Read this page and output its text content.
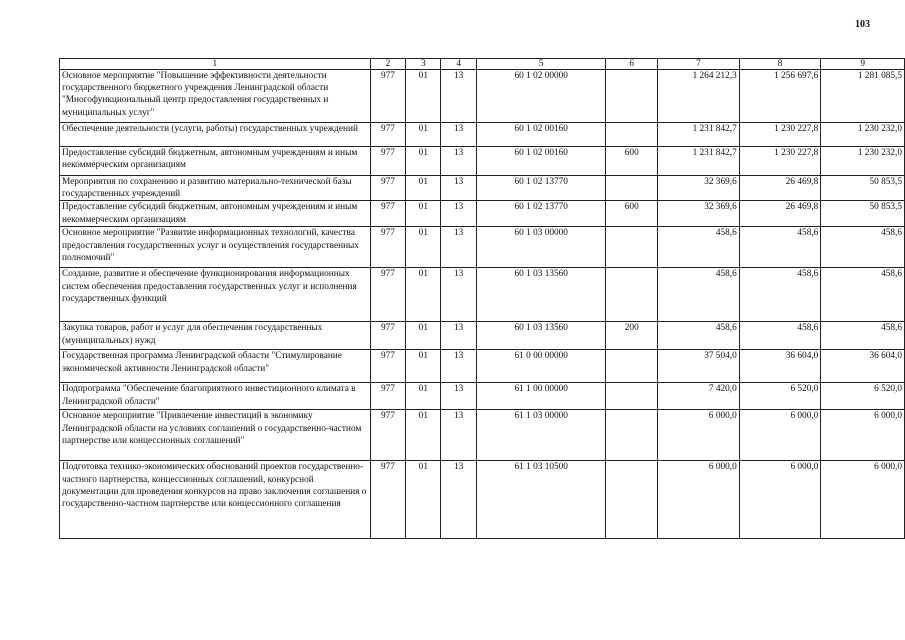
103
1	2	3	4	5	6	7	8	9
Основное мероприятие "Повышение эффективности деятельности государственного бюджетного учреждения Ленинградской области "Многофункциональный центр предоставления государственных и муниципальных услуг"	977	01	13	60 1 02 00000		1 264 212,3	1 256 697,6	1 281 085,5
Обеспечение деятельности (услуги, работы) государственных учреждений	977	01	13	60 1 02 00160		1 231 842,7	1 230 227,8	1 230 232,0
Предоставление субсидий бюджетным, автономным учреждениям и иным некоммерческим организациям	977	01	13	60 1 02 00160	600	1 231 842,7	1 230 227,8	1 230 232,0
Мероприятия по сохранению и развитию материально-технической базы государственных учреждений	977	01	13	60 1 02 13770		32 369,6	26 469,8	50 853,5
Предоставление субсидий бюджетным, автономным учреждениям и иным некоммерческим организациям	977	01	13	60 1 02 13770	600	32 369,6	26 469,8	50 853,5
Основное мероприятие "Развитие информационных технологий, качества предоставления государственных услуг и осуществления государственных полномочий"	977	01	13	60 1 03 00000		458,6	458,6	458,6
Создание, развитие и обеспечение функционирования информационных систем обеспечения предоставления государственных услуг и исполнения государственных функций	977	01	13	60 1 03 13560		458,6	458,6	458,6
Закупка товаров, работ и услуг для обеспечения государственных (муниципальных) нужд	977	01	13	60 1 03 13560	200	458,6	458,6	458,6
Государственная программа Ленинградской области "Стимулирование экономической активности Ленинградской области"	977	01	13	61 0 00 00000		37 504,0	36 604,0	36 604,0
Подпрограмма "Обеспечение благоприятного инвестиционного климата в Ленинградской области"	977	01	13	61 1 00 00000		7 420,0	6 520,0	6 520,0
Основное мероприятие "Привлечение инвестиций в экономику Ленинградской области на условиях соглашений о государственно-частном партнерстве или концессионных соглашений"	977	01	13	61 1 03 00000		6 000,0	6 000,0	6 000,0
Подготовка технико-экономических обоснований проектов государственно-частного партнерства, концессионных соглашений, конкурсной документации для проведения конкурсов на право заключения соглашения о государственно-частном партнерстве или концессионного соглашения	977	01	13	61 1 03 10500		6 000,0	6 000,0	6 000,0
